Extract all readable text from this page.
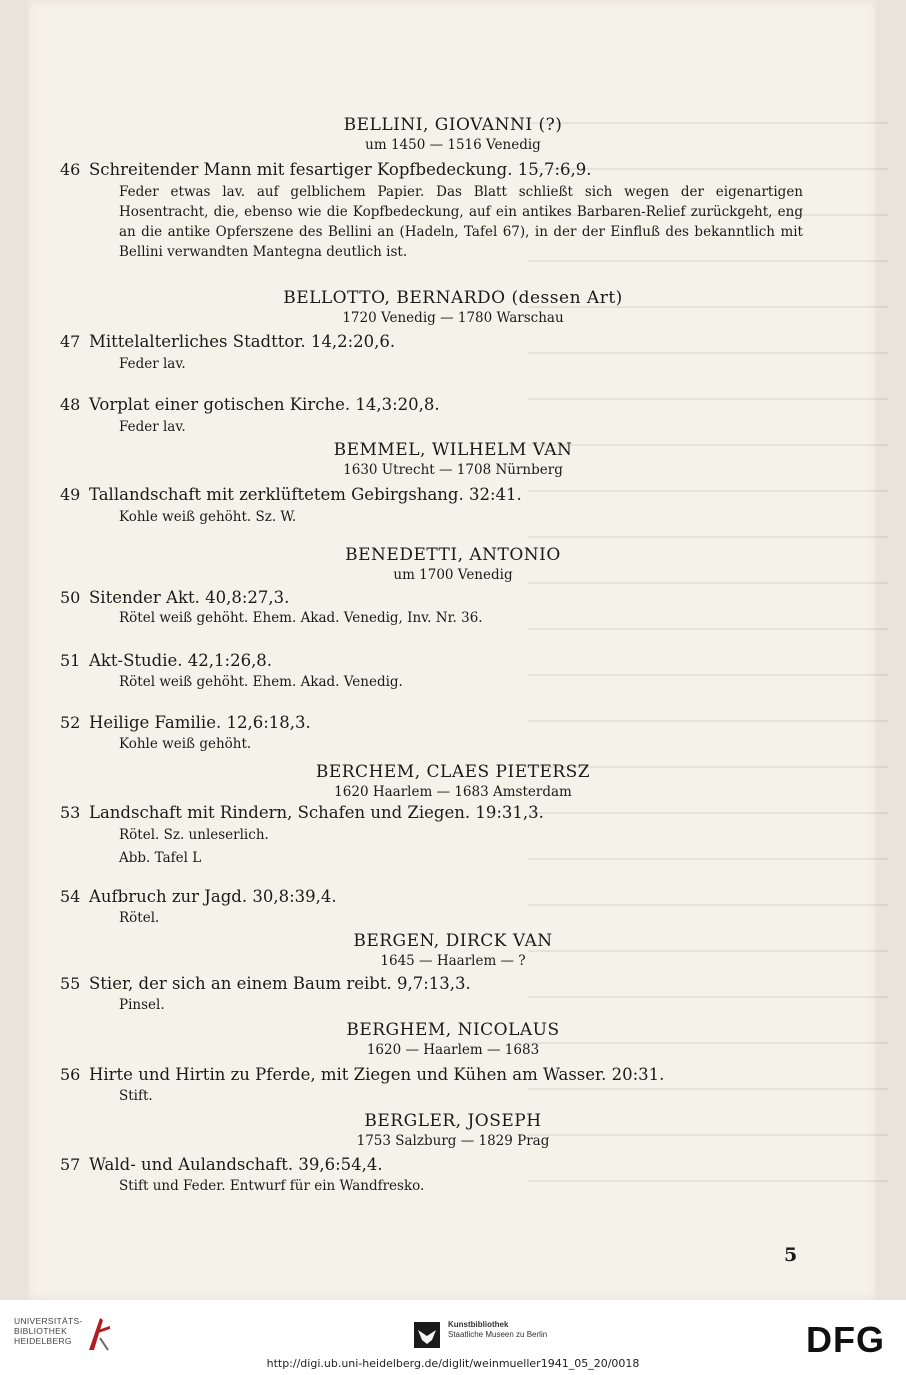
BELLINI, GIOVANNI (?)
um 1450 — 1516 Venedig
46 Schreitender Mann mit fesartiger Kopfbedeckung. 15,7:6,9.
Feder etwas lav. auf gelblichem Papier. Das Blatt schließt sich wegen der eigenartigen Hosentracht, die, ebenso wie die Kopfbedeckung, auf ein antikes Barbaren-Relief zurückgeht, eng an die antike Opferszene des Bellini an (Hadeln, Tafel 67), in der der Einfluß des bekanntlich mit Bellini verwandten Mantegna deutlich ist.
BELLOTTO, BERNARDO (dessen Art)
1720 Venedig — 1780 Warschau
47 Mittelalterliches Stadttor. 14,2:20,6.
Feder lav.
48 Vorplat einer gotischen Kirche. 14,3:20,8.
Feder lav.
BEMMEL, WILHELM VAN
1630 Utrecht — 1708 Nürnberg
49 Tallandschaft mit zerklüftetem Gebirgshang. 32:41.
Kohle weiß gehöht. Sz. W.
BENEDETTI, ANTONIO
um 1700 Venedig
50 Sitender Akt. 40,8:27,3.
Rötel weiß gehöht. Ehem. Akad. Venedig, Inv. Nr. 36.
51 Akt-Studie. 42,1:26,8.
Rötel weiß gehöht. Ehem. Akad. Venedig.
52 Heilige Familie. 12,6:18,3.
Kohle weiß gehöht.
BERCHEM, CLAES PIETERSZ
1620 Haarlem — 1683 Amsterdam
53 Landschaft mit Rindern, Schafen und Ziegen. 19:31,3.
Rötel. Sz. unleserlich.
Abb. Tafel L
54 Aufbruch zur Jagd. 30,8:39,4.
Rötel.
BERGEN, DIRCK VAN
1645 — Haarlem — ?
55 Stier, der sich an einem Baum reibt. 9,7:13,3.
Pinsel.
BERGHEM, NICOLAUS
1620 — Haarlem — 1683
56 Hirte und Hirtin zu Pferde, mit Ziegen und Kühen am Wasser. 20:31.
Stift.
BERGLER, JOSEPH
1753 Salzburg — 1829 Prag
57 Wald- und Aulandschaft. 39,6:54,4.
Stift und Feder. Entwurf für ein Wandfresko.
5
UNIVERSITÄTS-
BIBLIOTHEK
HEIDELBERG
Kunstbibliothek
Staatliche Museen zu Berlin	DFG
http://digi.ub.uni-heidelberg.de/diglit/weinmueller1941_05_20/0018
